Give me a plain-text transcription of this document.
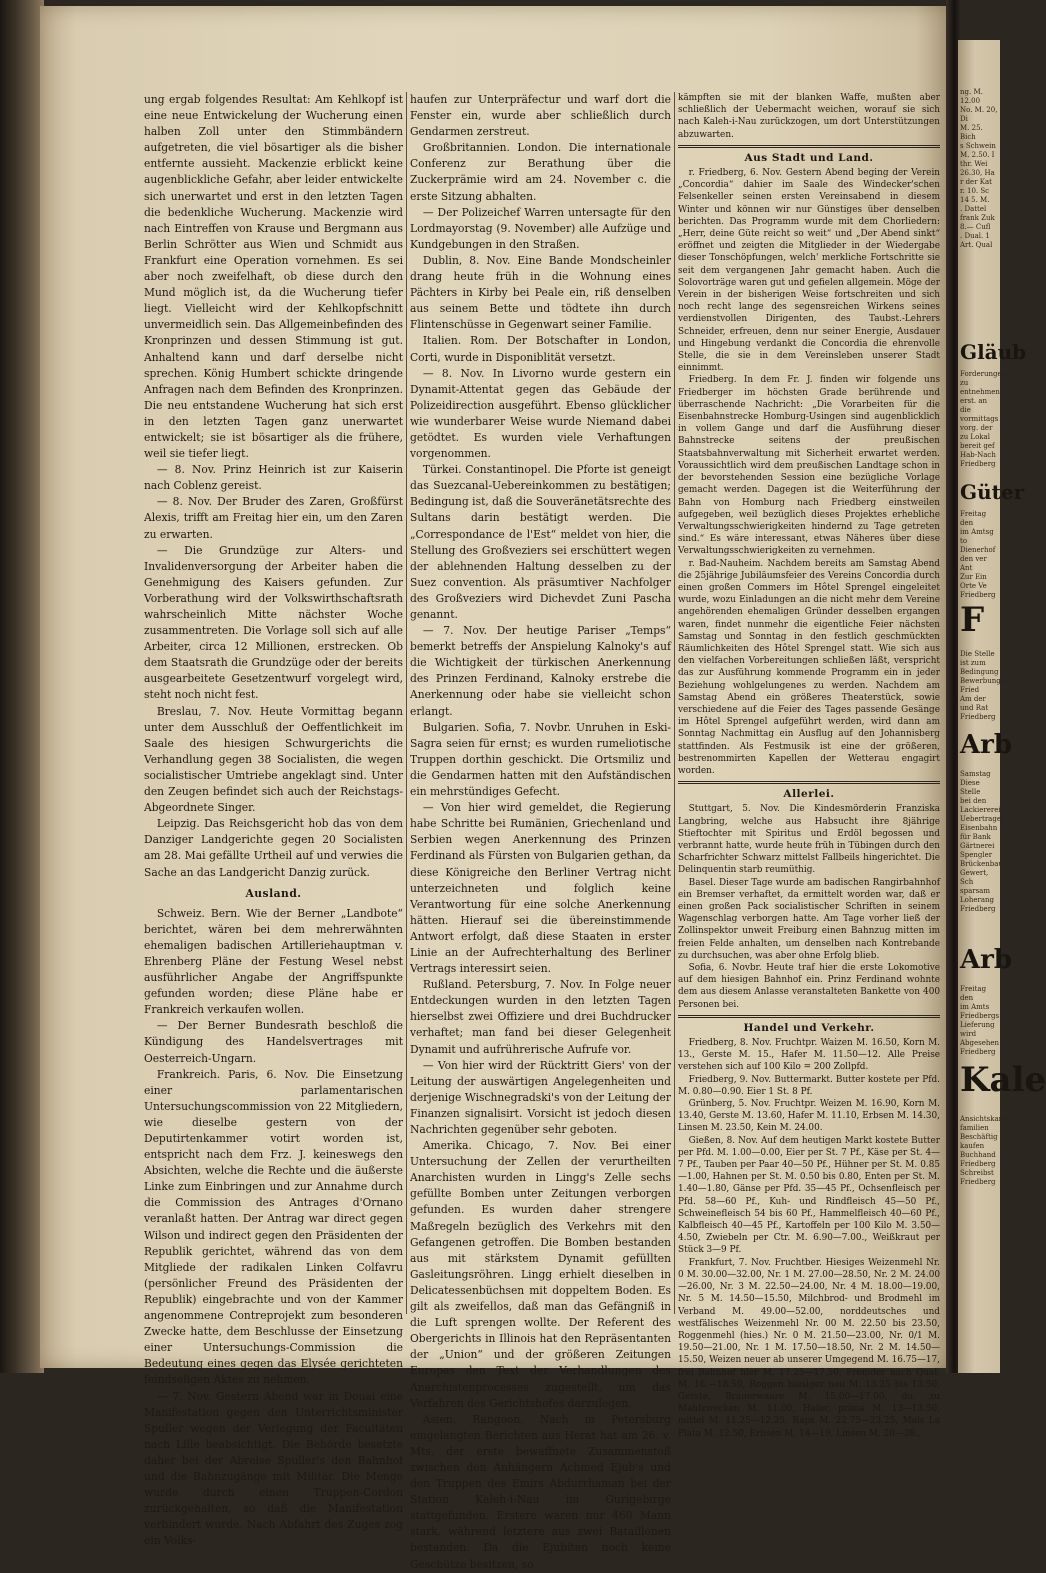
ung ergab folgendes Resultat: Am Kehlkopf ist eine neue Entwickelung der Wucherung einen halben Zoll unter den Stimmbändern aufgetreten, die viel bösartiger als die bisher entfernte aussieht. Mackenzie erblickt keine augenblickliche Gefahr, aber leider entwickelte sich unerwartet und erst in den letzten Tagen die bedenkliche Wucherung. Mackenzie wird nach Eintreffen von Krause und Bergmann aus Berlin Schrötter aus Wien und Schmidt aus Frankfurt eine Operation vornehmen. Es sei aber noch zweifelhaft, ob diese durch den Mund möglich ist, da die Wucherung tiefer liegt. Vielleicht wird der Kehlkopfschnitt unvermeidlich sein. Das Allgemeinbefinden des Kronprinzen und dessen Stimmung ist gut. Anhaltend kann und darf derselbe nicht sprechen. König Humbert schickte dringende Anfragen nach dem Befinden des Kronprinzen. Die neu entstandene Wucherung hat sich erst in den letzten Tagen ganz unerwartet entwickelt; sie ist bösartiger als die frühere, weil sie tiefer liegt.

— 8. Nov. Prinz Heinrich ist zur Kaiserin nach Coblenz gereist.

— 8. Nov. Der Bruder des Zaren, Großfürst Alexis, trifft am Freitag hier ein, um den Zaren zu erwarten.

— Die Grundzüge zur Alters- und Invalidenversorgung der Arbeiter haben die Genehmigung des Kaisers gefunden. Zur Vorberathung wird der Volkswirthschaftsrath wahrscheinlich Mitte nächster Woche zusammentreten. Die Vorlage soll sich auf alle Arbeiter, circa 12 Millionen, erstrecken. Ob dem Staatsrath die Grundzüge oder der bereits ausgearbeitete Gesetzentwurf vorgelegt wird, steht noch nicht fest.

Breslau, 7. Nov. Heute Vormittag begann unter dem Ausschluß der Oeffentlichkeit im Saale des hiesigen Schwurgerichts die Verhandlung gegen 38 Socialisten, die wegen socialistischer Umtriebe angeklagt sind. Unter den Zeugen befindet sich auch der Reichstags-Abgeordnete Singer.

Leipzig. Das Reichsgericht hob das von dem Danziger Landgerichte gegen 20 Socialisten am 28. Mai gefällte Urtheil auf und verwies die Sache an das Landgericht Danzig zurück.

Ausland.

Schweiz. Bern. Wie der Berner „Landbote“ berichtet, wären bei dem mehrerwähnten ehemaligen badischen Artilleriehauptman v. Ehrenberg Pläne der Festung Wesel nebst ausführlicher Angabe der Angriffspunkte gefunden worden; diese Pläne habe er Frankreich verkaufen wollen.

— Der Berner Bundesrath beschloß die Kündigung des Handelsvertrages mit Oesterreich-Ungarn.

Frankreich. Paris, 6. Nov. Die Einsetzung einer parlamentarischen Untersuchungscommission von 22 Mitgliedern, wie dieselbe gestern von der Deputirtenkammer votirt worden ist, entspricht nach dem Frz. J. keineswegs den Absichten, welche die Rechte und die äußerste Linke zum Einbringen und zur Annahme durch die Commission des Antrages d'Ornano veranlaßt hatten. Der Antrag war direct gegen Wilson und indirect gegen den Präsidenten der Republik gerichtet, während das von dem Mitgliede der radikalen Linken Colfavru (persönlicher Freund des Präsidenten der Republik) eingebrachte und von der Kammer angenommene Contreprojekt zum besonderen Zwecke hatte, dem Beschlusse der Einsetzung einer Untersuchungs-Commission die Bedeutung eines gegen das Elysée gerichteten feindseligen Aktes zu nehmen.

— 7. Nov. Gestern Abend war in Douai eine Manifestation gegen den Unterrichtsminister Spuller wegen der Verlegung der Facultäten nach Lille beabsichtigt. Die Behörde besetzte daher bei der Abreise Spuller's den Bahnhof und die Bahnzugänge mit Militär. Die Menge wurde durch einen Truppen-Cordon zurückgehalten, so daß die Manifestation verhindert wurde. Nach Abfahrt des Zuges zog ein Volks-

haufen zur Unterpräfectur und warf dort die Fenster ein, wurde aber schließlich durch Gendarmen zerstreut.

Großbritannien. London. Die internationale Conferenz zur Berathung über die Zuckerprämie wird am 24. November c. die erste Sitzung abhalten.

— Der Polizeichef Warren untersagte für den Lordmayorstag (9. November) alle Aufzüge und Kundgebungen in den Straßen.

Dublin, 8. Nov. Eine Bande Mondscheinler drang heute früh in die Wohnung eines Pächters in Kirby bei Peale ein, riß denselben aus seinem Bette und tödtete ihn durch Flintenschüsse in Gegenwart seiner Familie.

Italien. Rom. Der Botschafter in London, Corti, wurde in Disponiblität versetzt.

— 8. Nov. In Livorno wurde gestern ein Dynamit-Attentat gegen das Gebäude der Polizeidirection ausgeführt. Ebenso glücklicher wie wunderbarer Weise wurde Niemand dabei getödtet. Es wurden viele Verhaftungen vorgenommen.

Türkei. Constantinopel. Die Pforte ist geneigt das Suezcanal-Uebereinkommen zu bestätigen; Bedingung ist, daß die Souveränetätsrechte des Sultans darin bestätigt werden. Die „Correspondance de l'Est“ meldet von hier, die Stellung des Großveziers sei erschüttert wegen der ablehnenden Haltung desselben zu der Suez convention. Als präsumtiver Nachfolger des Großveziers wird Dichevdet Zuni Pascha genannt.

— 7. Nov. Der heutige Pariser „Temps“ bemerkt betreffs der Anspielung Kalnoky's auf die Wichtigkeit der türkischen Anerkennung des Prinzen Ferdinand, Kalnoky erstrebe die Anerkennung oder habe sie vielleicht schon erlangt.

Bulgarien. Sofia, 7. Novbr. Unruhen in Eski-Sagra seien für ernst; es wurden rumeliotische Truppen dorthin geschickt. Die Ortsmiliz und die Gendarmen hatten mit den Aufständischen ein mehrstündiges Gefecht.

— Von hier wird gemeldet, die Regierung habe Schritte bei Rumänien, Griechenland und Serbien wegen Anerkennung des Prinzen Ferdinand als Fürsten von Bulgarien gethan, da diese Königreiche den Berliner Vertrag nicht unterzeichneten und folglich keine Verantwortung für eine solche Anerkennung hätten. Hierauf sei die übereinstimmende Antwort erfolgt, daß diese Staaten in erster Linie an der Aufrechterhaltung des Berliner Vertrags interessirt seien.

Rußland. Petersburg, 7. Nov. In Folge neuer Entdeckungen wurden in den letzten Tagen hierselbst zwei Offiziere und drei Buchdrucker verhaftet; man fand bei dieser Gelegenheit Dynamit und aufrührerische Aufrufe vor.

— Von hier wird der Rücktritt Giers' von der Leitung der auswärtigen Angelegenheiten und derjenige Wischnegradski's von der Leitung der Finanzen signalisirt. Vorsicht ist jedoch diesen Nachrichten gegenüber sehr geboten.

Amerika. Chicago, 7. Nov. Bei einer Untersuchung der Zellen der verurtheilten Anarchisten wurden in Lingg's Zelle sechs gefüllte Bomben unter Zeitungen verborgen gefunden. Es wurden daher strengere Maßregeln bezüglich des Verkehrs mit den Gefangenen getroffen. Die Bomben bestanden aus mit stärkstem Dynamit gefüllten Gasleitungsröhren. Lingg erhielt dieselben in Delicatessenbüchsen mit doppeltem Boden. Es gilt als zweifellos, daß man das Gefängniß in die Luft sprengen wollte. Der Referent des Obergerichts in Illinois hat den Repräsentanten der „Union“ und der größeren Zeitungen Europas den Text der Verhandlungen des Anarchistenprocesses zugestellt, um das Verfahren des Gerichtshofes darzulegen.

Asien. Rangoon. Nach in Petersburg eingelangten Berichten aus Herat hat am 26. v. Mts. der erste bewaffnete Zusammenstoß zwischen den Anhängern Achmed Ejub's und den Truppen des Emirs Abdurrhaman bei der Station Kaleh-i-Nau im Gurigebirge stattgefunden. Erstere waren nur 460 Mann stark, während letztere aus zwei Bataillonen bestanden. Da die Ejubiten noch keine Geschütze besitzen, so

kämpften sie mit der blanken Waffe, mußten aber schließlich der Uebermacht weichen, worauf sie sich nach Kaleh-i-Nau zurückzogen, um dort Unterstützungen abzuwarten.

Aus Stadt und Land.

r. Friedberg, 6. Nov. Gestern Abend beging der Verein „Concordia“ dahier im Saale des Windecker'schen Felsenkeller seinen ersten Vereinsabend in diesem Winter und können wir nur Günstiges über denselben berichten. Das Programm wurde mit dem Chorliedern: „Herr, deine Güte reicht so weit“ und „Der Abend sinkt“ eröffnet und zeigten die Mitglieder in der Wiedergabe dieser Tonschöpfungen, welch' merkliche Fortschritte sie seit dem vergangenen Jahr gemacht haben. Auch die Solovorträge waren gut und gefielen allgemein. Möge der Verein in der bisherigen Weise fortschreiten und sich noch recht lange des segensreichen Wirkens seines verdienstvollen Dirigenten, des Taubst.-Lehrers Schneider, erfreuen, denn nur seiner Energie, Ausdauer und Hingebung verdankt die Concordia die ehrenvolle Stelle, die sie in dem Vereinsleben unserer Stadt einnimmt.

Friedberg. In dem Fr. J. finden wir folgende uns Friedberger im höchsten Grade berührende und überraschende Nachricht: „Die Vorarbeiten für die Eisenbahnstrecke Homburg-Usingen sind augenblicklich in vollem Gange und darf die Ausführung dieser Bahnstrecke seitens der preußischen Staatsbahnverwaltung mit Sicherheit erwartet werden. Voraussichtlich wird dem preußischen Landtage schon in der bevorstehenden Session eine bezügliche Vorlage gemacht werden. Dagegen ist die Weiterführung der Bahn von Homburg nach Friedberg einstweilen aufgegeben, weil bezüglich dieses Projektes erhebliche Verwaltungsschwierigkeiten hindernd zu Tage getreten sind.“ Es wäre interessant, etwas Näheres über diese Verwaltungsschwierigkeiten zu vernehmen.

r. Bad-Nauheim. Nachdem bereits am Samstag Abend die 25jährige Jubiläumsfeier des Vereins Concordia durch einen großen Commers im Hôtel Sprengel eingeleitet wurde, wozu Einladungen an die nicht mehr dem Vereine angehörenden ehemaligen Gründer desselben ergangen waren, findet nunmehr die eigentliche Feier nächsten Samstag und Sonntag in den festlich geschmückten Räumlichkeiten des Hôtel Sprengel statt. Wie sich aus den vielfachen Vorbereitungen schließen läßt, verspricht das zur Ausführung kommende Programm ein in jeder Beziehung wohlgelungenes zu werden. Nachdem am Samstag Abend ein größeres Theaterstück, sowie verschiedene auf die Feier des Tages passende Gesänge im Hôtel Sprengel aufgeführt werden, wird dann am Sonntag Nachmittag ein Ausflug auf den Johannisberg stattfinden. Als Festmusik ist eine der größeren, bestrenommirten Kapellen der Wetterau engagirt worden.

Allerlei.

Stuttgart, 5. Nov. Die Kindesmörderin Franziska Langbring, welche aus Habsucht ihre 8jährige Stieftochter mit Spiritus und Erdöl begossen und verbrannt hatte, wurde heute früh in Tübingen durch den Scharfrichter Schwarz mittelst Fallbeils hingerichtet. Die Delinquentin starb reumüthig.

Basel. Dieser Tage wurde am badischen Rangirbahnhof ein Bremser verhaftet, da ermittelt worden war, daß er einen großen Pack socialistischer Schriften in seinem Wagenschlag verborgen hatte. Am Tage vorher ließ der Zollinspektor unweit Freiburg einen Bahnzug mitten im freien Felde anhalten, um denselben nach Kontrebande zu durchsuchen, was aber ohne Erfolg blieb.

Sofia, 6. Novbr. Heute traf hier die erste Lokomotive auf dem hiesigen Bahnhof ein. Prinz Ferdinand wohnte dem aus diesem Anlasse veranstalteten Bankette von 400 Personen bei.

Handel und Verkehr.

Friedberg, 8. Nov. Fruchtpr. Waizen M. 16.50, Korn M. 13., Gerste M. 15., Hafer M. 11.50—12. Alle Preise verstehen sich auf 100 Kilo = 200 Zollpfd.

Friedberg, 9. Nov. Buttermarkt. Butter kostete per Pfd. M. 0.80—0.90. Eier 1 St. 8 Pf.

Grünberg, 5. Nov. Fruchtpr. Weizen M. 16.90, Korn M. 13.40, Gerste M. 13.60, Hafer M. 11.10, Erbsen M. 14.30, Linsen M. 23.50, Kein M. 24.00.

Gießen, 8. Nov. Auf dem heutigen Markt kostete Butter per Pfd. M. 1.00—0.00, Eier per St. 7 Pf., Käse per St. 4—7 Pf., Tauben per Paar 40—50 Pf., Hühner per St. M. 0.85—1.00, Hahnen per St. M. 0.50 bis 0.80, Enten per St. M. 1.40—1.80, Gänse per Pfd. 35—45 Pf., Ochsenfleisch per Pfd. 58—60 Pf., Kuh- und Rindfleisch 45—50 Pf., Schweinefleisch 54 bis 60 Pf., Hammelfleisch 40—60 Pf., Kalbfleisch 40—45 Pf., Kartoffeln per 100 Kilo M. 3.50—4.50, Zwiebeln per Ctr. M. 6.90—7.00., Weißkraut per Stück 3—9 Pf.

Frankfurt, 7. Nov. Fruchtber. Hiesiges Weizenmehl Nr. 0 M. 30.00—32.00, Nr. 1 M. 27.00—28.50, Nr. 2 M. 24.00—26.00, Nr. 3 M. 22.50—24.00, Nr. 4 M. 18.00—19.00, Nr. 5 M. 14.50—15.50, Milchbrod- und Brodmehl im Verband M. 49.00—52.00, norddeutsches und westfälisches Weizenmehl Nr. 00 M. 22.50 bis 23.50, Roggenmehl (hies.) Nr. 0 M. 21.50—23.00, Nr. 0/1 M. 19.50—21.00, Nr. 1 M. 17.50—18.50, Nr. 2 M. 14.50—15.50, Weizen neuer ab unserer Umgegend M. 16.75—17, frei Bahnhof hier M. 17.25—17.50, Fremder nach Qual. M. 16.—18.50, Roggen hiesiger neu M. 13.25 bis 13.50, Gerste, Brauerwaare M. 15.00—17.00, do. zu Mahlzwecken M. 11.00, Hafer, prima M. 13—13.50, mittel M. 11.25—12.25, Raps M. 22.75—23.25, Mais La Plata M. 12.50, Erbsen M. 14—19, Linsen M. 20—38.,

ng. M. 12.00
No. M. 20, Di
M. 25. Bich
s Schwein
M. 2.50. I
thr. Wei
26.30, Ha
r der Kat
r. 10. Sc
14 5. M.
. Dattel
frank Zuk
8.— Cufl
. Dual. 1
Art. Qual
Gläub
Forderungen
zu entnehmen
erst. an die
vormittags
vorg. der
zu Lokal
bereit gef
Hab-Nach
Friedberg
Güter
Freitag den
im Amtsg
to Dienerhof
den ver Ant
Zur Ein
Orte Ve
Friedberg
F
Die Stelle
ist zum
Bedingung
Bewerbungen
Fried
Am der
und Rat
Friedberg
Arb
Samstag
Diese Stelle
bei den
Lackiererei
Uebertragen
Eisenbahn
für Bank
Gärtnerei
Spengler
Brückenbau
Gewert, Sch
sparsam
Loherang
Friedberg
Arb
Freitag den
im Amts
Friedbergs
Lieferung
wird
Abgesehen
Friedberg
Kale
Ansichtskarten
familien
Beschäftig
kaufen
Buchhand
Friedberg
Schreibst
Friedberg
